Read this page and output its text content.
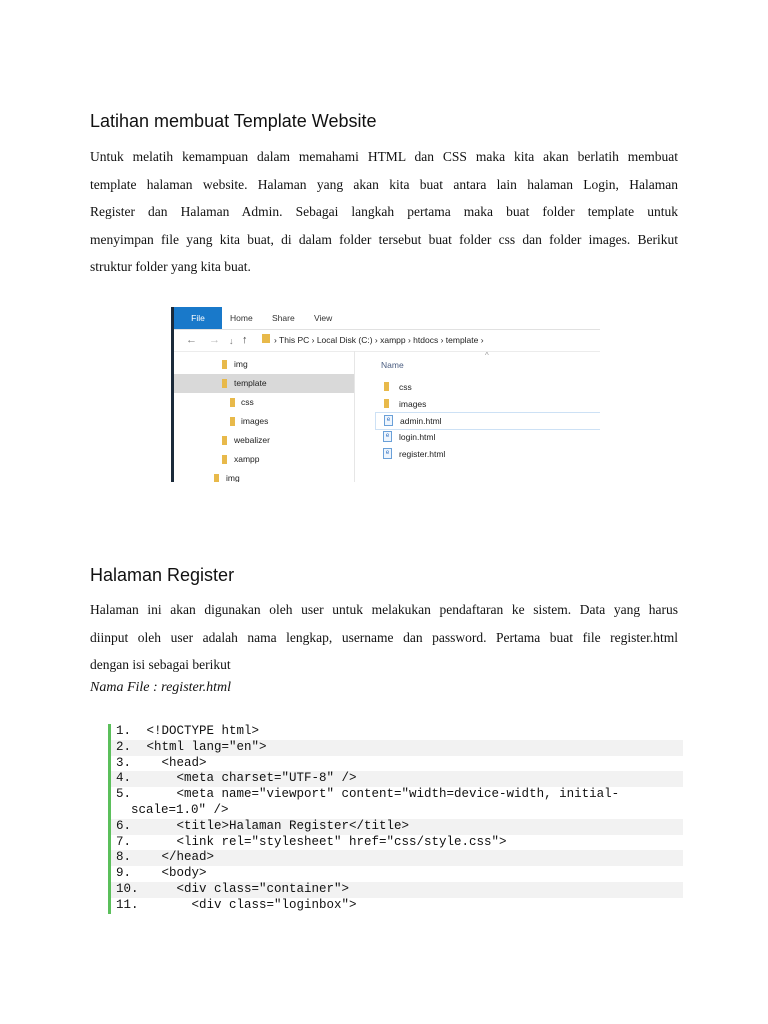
Latihan membuat Template Website

Untuk melatih kemampuan dalam memahami HTML dan CSS maka kita akan berlatih membuat
template halaman website. Halaman yang akan kita buat antara lain halaman Login, Halaman
Register dan Halaman Admin. Sebagai langkah pertama maka buat folder template untuk
menyimpan file yang kita buat, di dalam folder tersebut buat folder css dan folder images. Berikut
struktur folder yang kita buat.

File	Home Share View
← → ↓ ↑	› This PC › Local Disk (C:) › xampp › htdocs › template ›
img
template
css
images
webalizer
xampp
img
^
Name
css
images
e	admin.html
e	login.html
e	register.html
Halaman Register

Halaman ini akan digunakan oleh user untuk melakukan pendaftaran ke sistem. Data yang harus
diinput oleh user adalah nama lengkap, username dan password. Pertama buat file register.html
dengan isi sebagai berikut

Nama File : register.html
1. <!DOCTYPE html>
2. <html lang="en">
3.   <head>
4.     <meta charset="UTF-8" />
5.	<meta name="viewport" content="width=device-width, initial-
scale=1.0" />
6.     <title>Halaman Register</title>
7.     <link rel="stylesheet" href="css/style.css">
8.   </head>
9.   <body>
10.     <div class="container">
11.       <div class="loginbox">
